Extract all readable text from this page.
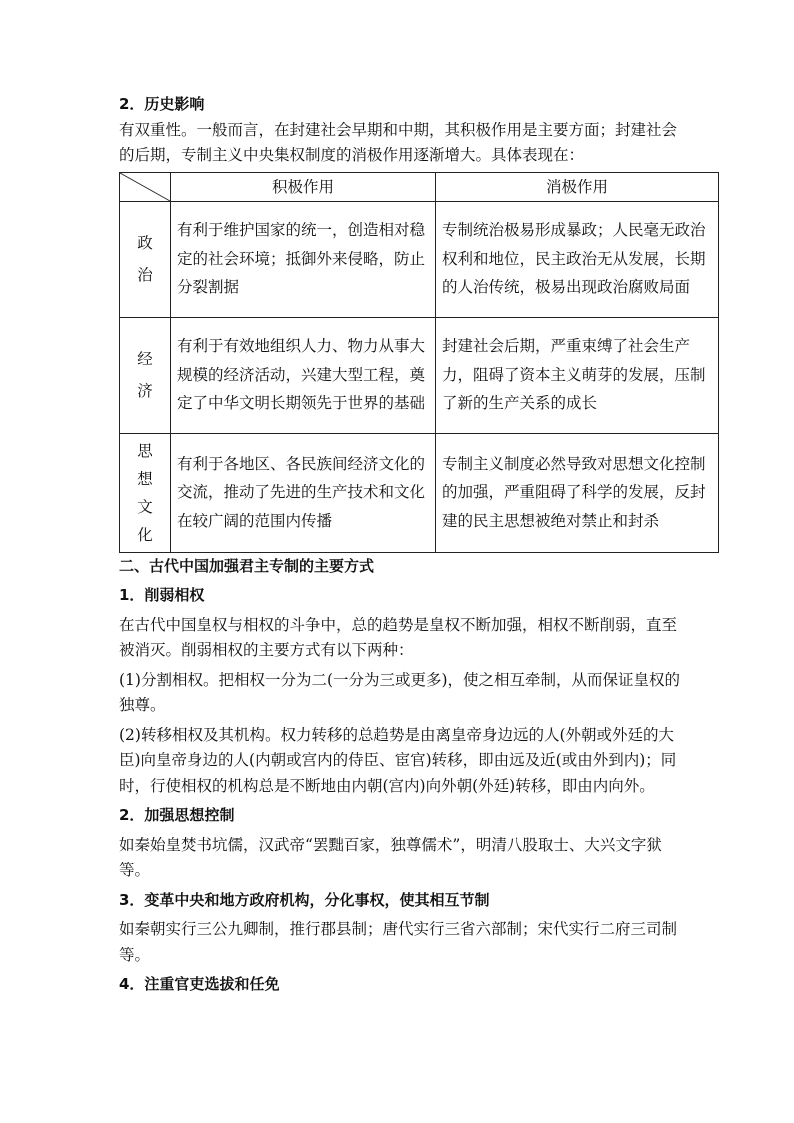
2．历史影响

有双重性。一般而言，在封建社会早期和中期，其积极作用是主要方面；封建社会的后期，专制主义中央集权制度的消极作用逐渐增大。具体表现在：

	积极作用	消极作用

政
治	有利于维护国家的统一，创造相对稳定的社会环境；抵御外来侵略，防止分裂割据	专制统治极易形成暴政；人民毫无政治权利和地位，民主政治无从发展，长期的人治传统，极易出现政治腐败局面

经
济	有利于有效地组织人力、物力从事大规模的经济活动，兴建大型工程，奠定了中华文明长期领先于世界的基础	封建社会后期，严重束缚了社会生产力，阻碍了资本主义萌芽的发展，压制了新的生产关系的成长

思
想
文
化	有利于各地区、各民族间经济文化的交流，推动了先进的生产技术和文化在较广阔的范围内传播	专制主义制度必然导致对思想文化控制的加强，严重阻碍了科学的发展，反封建的民主思想被绝对禁止和封杀
二、古代中国加强君主专制的主要方式
1．削弱相权

在古代中国皇权与相权的斗争中，总的趋势是皇权不断加强，相权不断削弱，直至被消灭。削弱相权的主要方式有以下两种：

(1)分割相权。把相权一分为二(一分为三或更多)，使之相互牵制，从而保证皇权的独尊。

(2)转移相权及其机构。权力转移的总趋势是由离皇帝身边远的人(外朝或外廷的大臣)向皇帝身边的人(内朝或宫内的侍臣、宦官)转移，即由远及近(或由外到内)；同时，行使相权的机构总是不断地由内朝(宫内)向外朝(外廷)转移，即由内向外。

2．加强思想控制

如秦始皇焚书坑儒，汉武帝“罢黜百家，独尊儒术”，明清八股取士、大兴文字狱等。

3．变革中央和地方政府机构，分化事权，使其相互节制

如秦朝实行三公九卿制，推行郡县制；唐代实行三省六部制；宋代实行二府三司制等。

4．注重官吏选拔和任免
